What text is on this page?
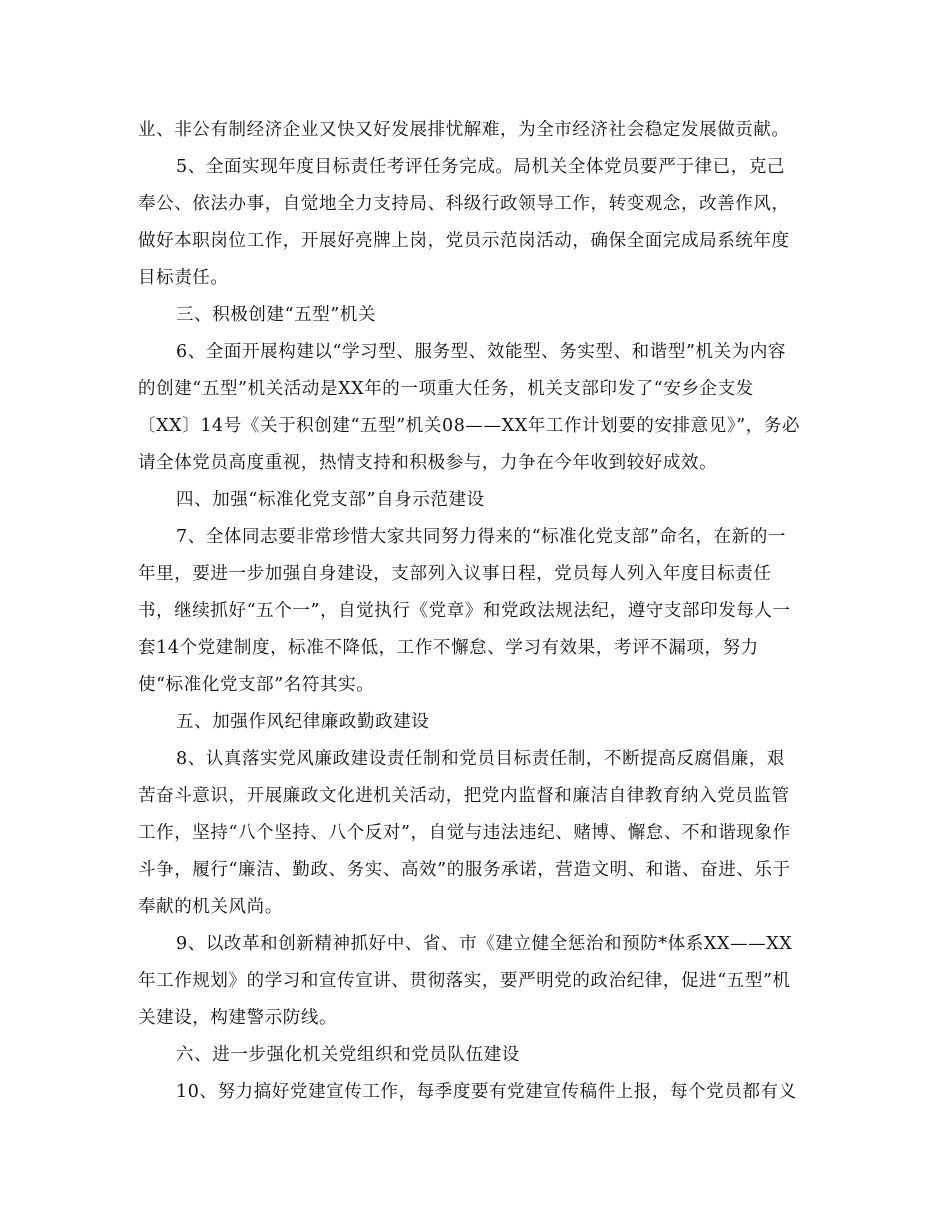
业、非公有制经济企业又快又好发展排忧解难，为全市经济社会稳定发展做贡献。
5、全面实现年度目标责任考评任务完成。局机关全体党员要严于律已，克己
奉公、依法办事，自觉地全力支持局、科级行政领导工作，转变观念，改善作风，
做好本职岗位工作，开展好亮牌上岗，党员示范岗活动，确保全面完成局系统年度
目标责任。
三、积极创建“五型”机关
6、全面开展构建以“学习型、服务型、效能型、务实型、和谐型”机关为内容
的创建“五型”机关活动是XX年的一项重大任务，机关支部印发了“安乡企支发
〔XX〕14号《关于积创建“五型”机关08——XX年工作计划要的安排意见》”，务必
请全体党员高度重视，热情支持和积极参与，力争在今年收到较好成效。
四、加强“标准化党支部”自身示范建设
7、全体同志要非常珍惜大家共同努力得来的“标准化党支部”命名，在新的一
年里，要进一步加强自身建设，支部列入议事日程，党员每人列入年度目标责任
书，继续抓好“五个一”，自觉执行《党章》和党政法规法纪，遵守支部印发每人一
套14个党建制度，标准不降低，工作不懈怠、学习有效果，考评不漏项，努力
使“标准化党支部”名符其实。
五、加强作风纪律廉政勤政建设
8、认真落实党风廉政建设责任制和党员目标责任制，不断提高反腐倡廉，艰
苦奋斗意识，开展廉政文化进机关活动，把党内监督和廉洁自律教育纳入党员监管
工作，坚持“八个坚持、八个反对”，自觉与违法违纪、赌博、懈怠、不和谐现象作
斗争，履行“廉洁、勤政、务实、高效”的服务承诺，营造文明、和谐、奋进、乐于
奉献的机关风尚。
9、以改革和创新精神抓好中、省、市《建立健全惩治和预防*体系XX——XX
年工作规划》的学习和宣传宣讲、贯彻落实，要严明党的政治纪律，促进“五型”机
关建设，构建警示防线。
六、进一步强化机关党组织和党员队伍建设
10、努力搞好党建宣传工作，每季度要有党建宣传稿件上报，每个党员都有义
